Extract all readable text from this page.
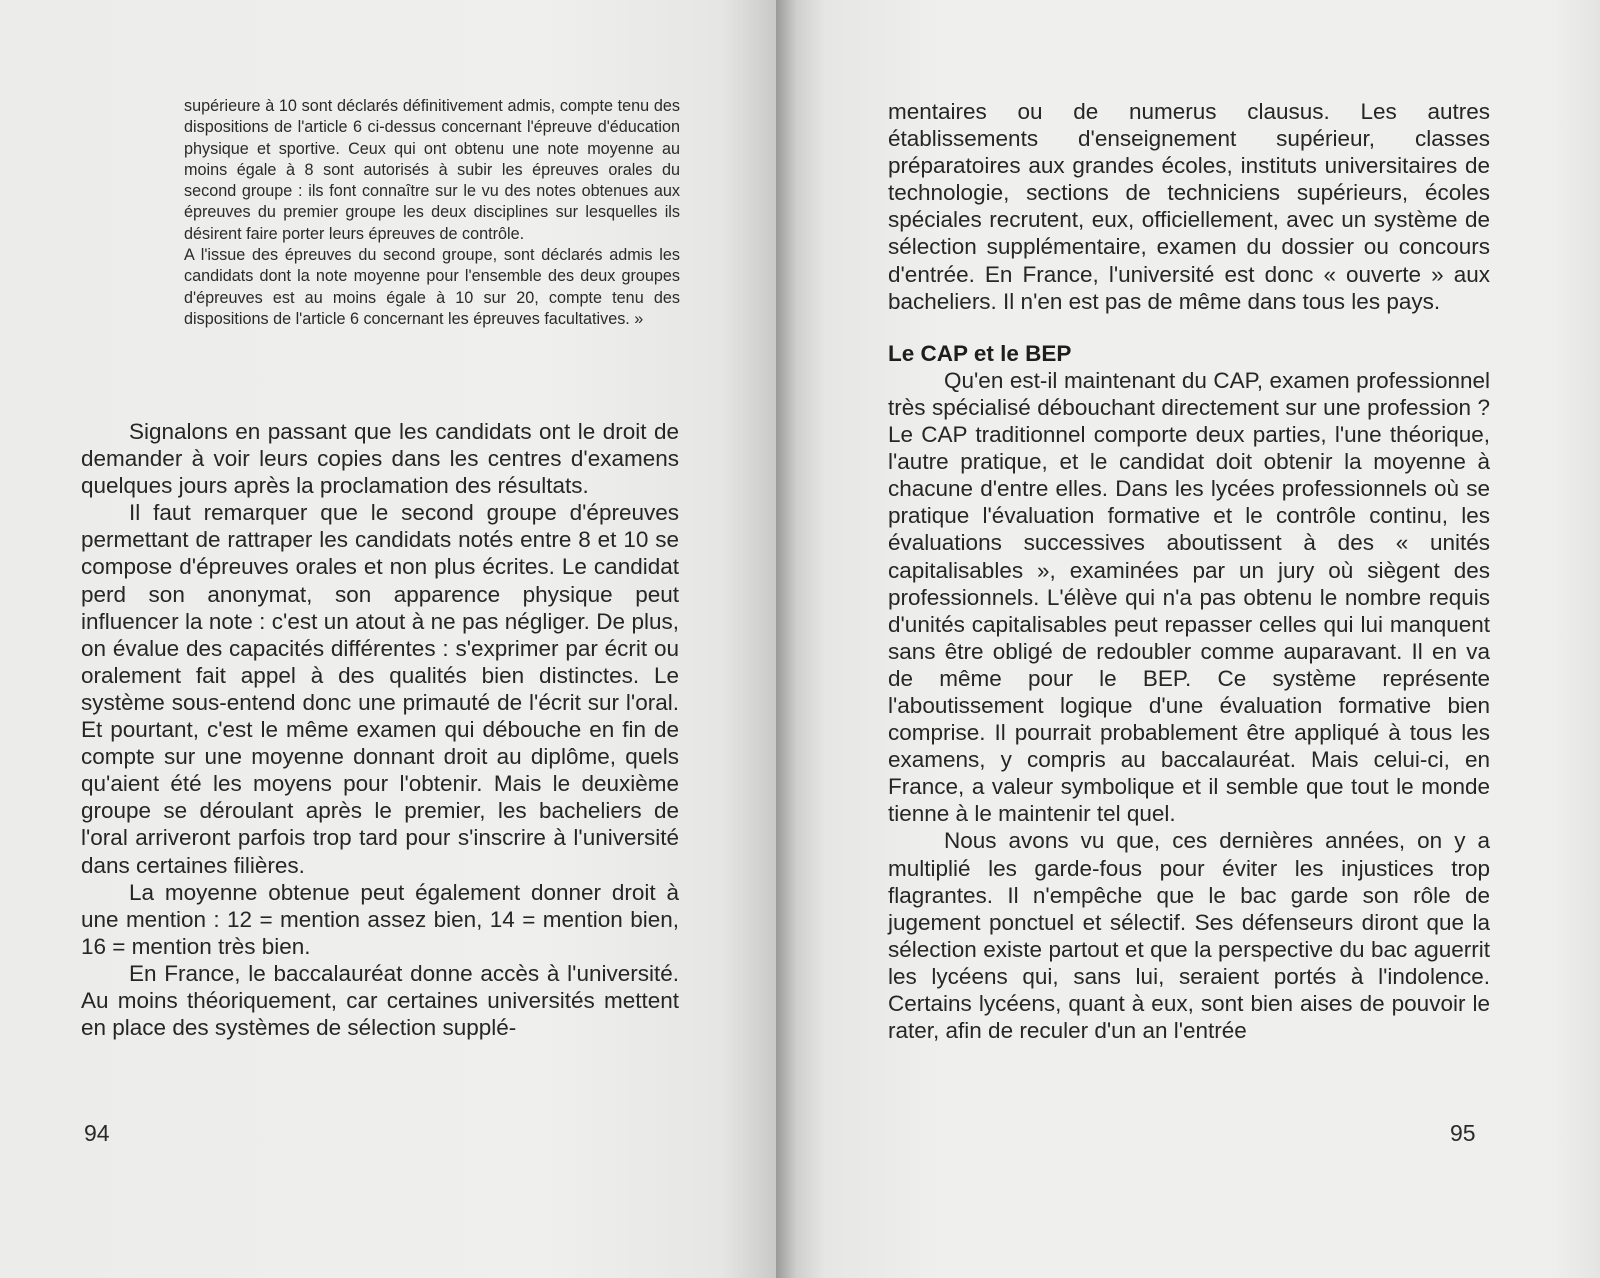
supérieure à 10 sont déclarés définitivement admis, compte tenu des dispositions de l'article 6 ci-dessus concernant l'épreuve d'éducation physique et sportive. Ceux qui ont obtenu une note moyenne au moins égale à 8 sont autorisés à subir les épreuves orales du second groupe : ils font connaître sur le vu des notes obtenues aux épreuves du premier groupe les deux disciplines sur lesquelles ils désirent faire porter leurs épreuves de contrôle.

A l'issue des épreuves du second groupe, sont déclarés admis les candidats dont la note moyenne pour l'ensemble des deux groupes d'épreuves est au moins égale à 10 sur 20, compte tenu des dispositions de l'article 6 concernant les épreuves facultatives. »

Signalons en passant que les candidats ont le droit de demander à voir leurs copies dans les centres d'examens quelques jours après la proclamation des résultats.

Il faut remarquer que le second groupe d'épreuves permettant de rattraper les candidats notés entre 8 et 10 se compose d'épreuves orales et non plus écrites. Le candidat perd son anonymat, son apparence physique peut influencer la note : c'est un atout à ne pas négliger. De plus, on évalue des capacités différentes : s'exprimer par écrit ou oralement fait appel à des qualités bien distinctes. Le système sous-entend donc une primauté de l'écrit sur l'oral. Et pourtant, c'est le même examen qui débouche en fin de compte sur une moyenne donnant droit au diplôme, quels qu'aient été les moyens pour l'obtenir. Mais le deuxième groupe se déroulant après le premier, les bacheliers de l'oral arriveront parfois trop tard pour s'inscrire à l'université dans certaines filières.

La moyenne obtenue peut également donner droit à une mention : 12 = mention assez bien, 14 = mention bien, 16 = mention très bien.

En France, le baccalauréat donne accès à l'université. Au moins théoriquement, car certaines universités mettent en place des systèmes de sélection supplé-

94

mentaires ou de numerus clausus. Les autres établissements d'enseignement supérieur, classes préparatoires aux grandes écoles, instituts universitaires de technologie, sections de techniciens supérieurs, écoles spéciales recrutent, eux, officiellement, avec un système de sélection supplémentaire, examen du dossier ou concours d'entrée. En France, l'université est donc « ouverte » aux bacheliers. Il n'en est pas de même dans tous les pays.

Le CAP et le BEP

Qu'en est-il maintenant du CAP, examen professionnel très spécialisé débouchant directement sur une profession ? Le CAP traditionnel comporte deux parties, l'une théorique, l'autre pratique, et le candidat doit obtenir la moyenne à chacune d'entre elles. Dans les lycées professionnels où se pratique l'évaluation formative et le contrôle continu, les évaluations successives aboutissent à des « unités capitalisables », examinées par un jury où siègent des professionnels. L'élève qui n'a pas obtenu le nombre requis d'unités capitalisables peut repasser celles qui lui manquent sans être obligé de redoubler comme auparavant. Il en va de même pour le BEP. Ce système représente l'aboutissement logique d'une évaluation formative bien comprise. Il pourrait probablement être appliqué à tous les examens, y compris au baccalauréat. Mais celui-ci, en France, a valeur symbolique et il semble que tout le monde tienne à le maintenir tel quel.

Nous avons vu que, ces dernières années, on y a multiplié les garde-fous pour éviter les injustices trop flagrantes. Il n'empêche que le bac garde son rôle de jugement ponctuel et sélectif. Ses défenseurs diront que la sélection existe partout et que la perspective du bac aguerrit les lycéens qui, sans lui, seraient portés à l'indolence. Certains lycéens, quant à eux, sont bien aises de pouvoir le rater, afin de reculer d'un an l'entrée

95
